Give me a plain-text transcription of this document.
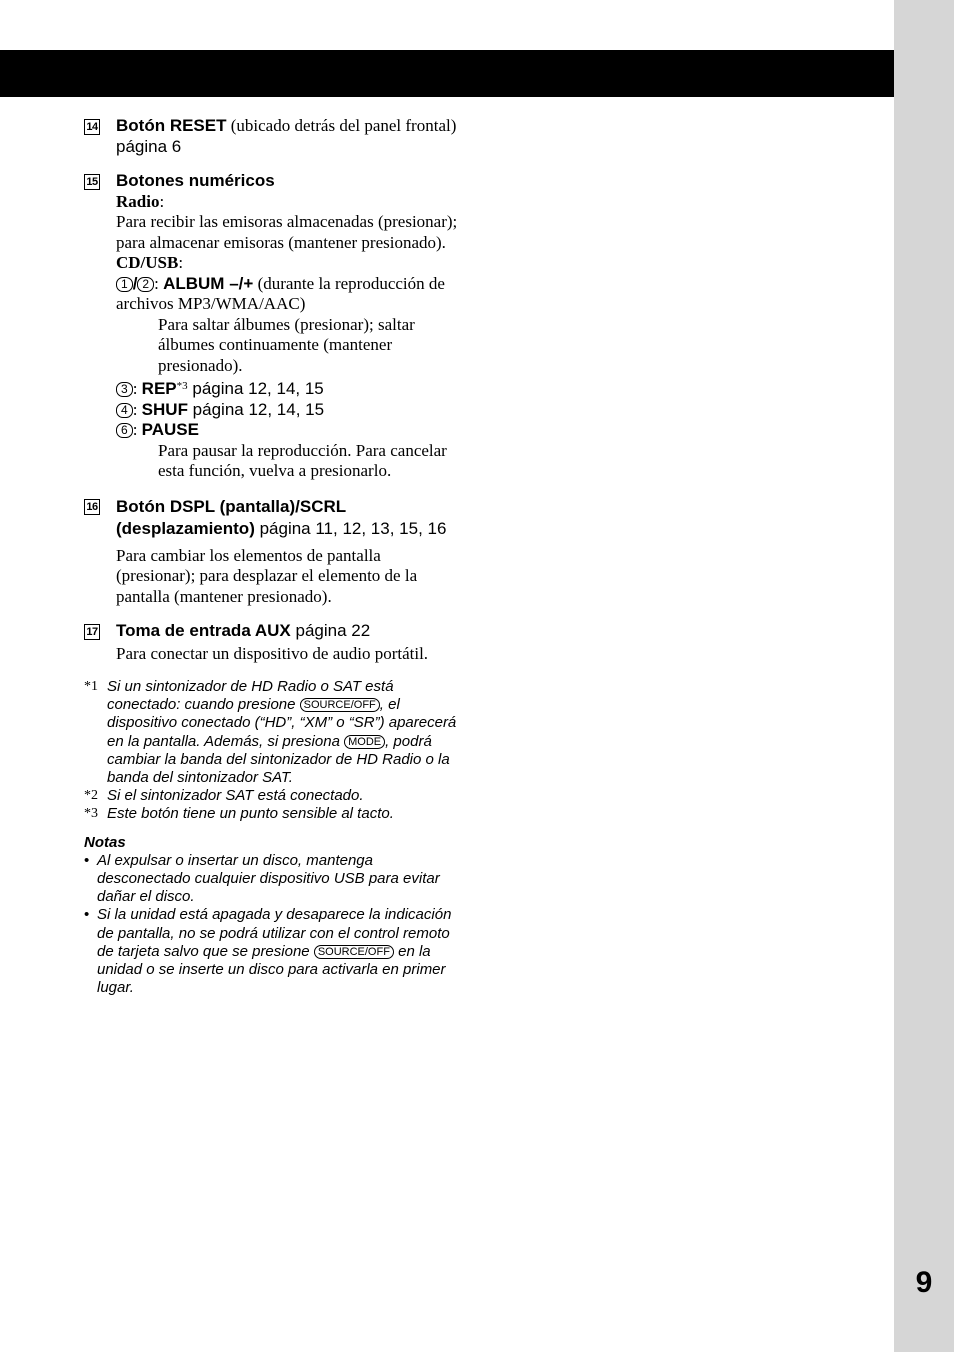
9
14 Botón RESET (ubicado detrás del panel frontal) página 6
15 Botones numéricos
Radio:
Para recibir las emisoras almacenadas (presionar); para almacenar emisoras (mantener presionado).
CD/USB:
1 / 2 : ALBUM –/+ (durante la reproducción de archivos MP3/WMA/AAC)
Para saltar álbumes (presionar); saltar álbumes continuamente (mantener presionado).
3 : REP$^{*3}$ página 12, 14, 15
4 : SHUF página 12, 14, 15
6 : PAUSE
Para pausar la reproducción. Para cancelar esta función, vuelva a presionarlo.
16 Botón DSPL (pantalla)/SCRL (desplazamiento) página 11, 12, 13, 15, 16
Para cambiar los elementos de pantalla (presionar); para desplazar el elemento de la pantalla (mantener presionado).
17 Toma de entrada AUX página 22
Para conectar un dispositivo de audio portátil.
*1 Si un sintonizador de HD Radio o SAT está conectado: cuando presione SOURCE/OFF , el dispositivo conectado (“HD”, “XM” o “SR”) aparecerá en la pantalla. Además, si presiona MODE , podrá cambiar la banda del sintonizador de HD Radio o la banda del sintonizador SAT.
*2 Si el sintonizador SAT está conectado.
*3 Este botón tiene un punto sensible al tacto.
Notas
• Al expulsar o insertar un disco, mantenga desconectado cualquier dispositivo USB para evitar dañar el disco.
• Si la unidad está apagada y desaparece la indicación de pantalla, no se podrá utilizar con el control remoto de tarjeta salvo que se presione SOURCE/OFF en la unidad o se inserte un disco para activarla en primer lugar.
